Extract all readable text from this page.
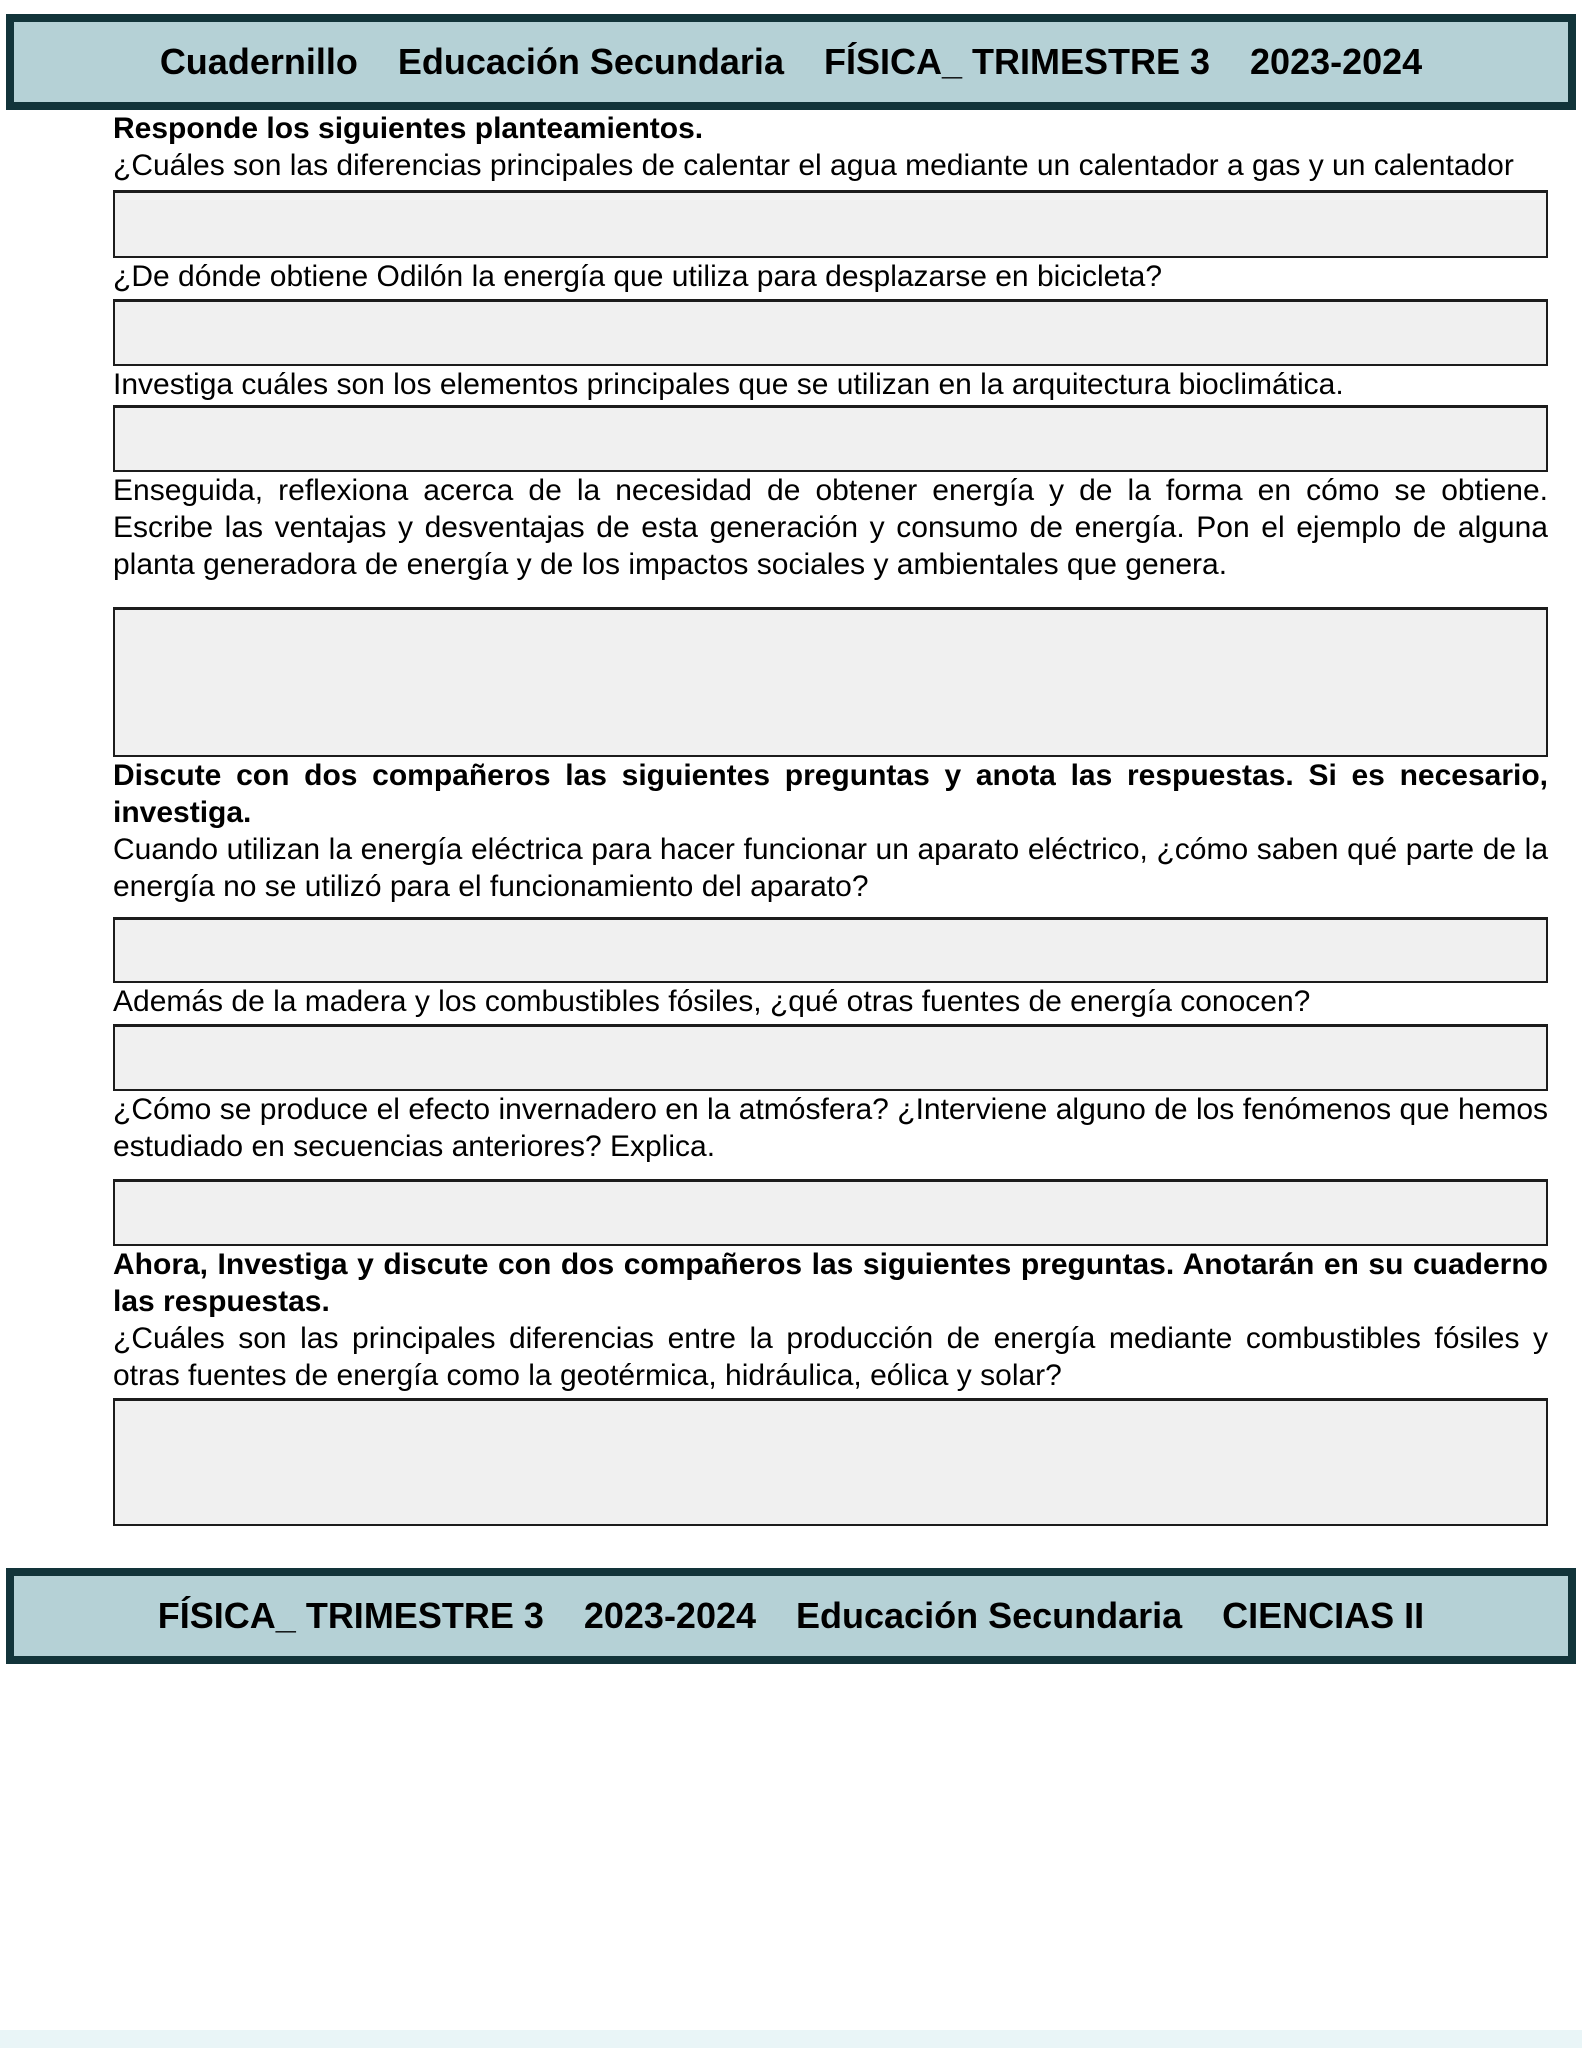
Cuadernillo    Educación Secundaria    FÍSICA_ TRIMESTRE 3    2023-2024

Responde los siguientes planteamientos.

¿Cuáles son las diferencias principales de calentar el agua mediante un calentador a gas y un calentador

¿De dónde obtiene Odilón la energía que utiliza para desplazarse en bicicleta?

Investiga cuáles son los elementos principales que se utilizan en la arquitectura bioclimática.

Enseguida, reflexiona acerca de la necesidad de obtener energía y de la forma en cómo se obtiene. Escribe las ventajas y desventajas de esta generación y consumo de energía. Pon el ejemplo de alguna planta generadora de energía y de los impactos sociales y ambientales que genera.

Discute con dos compañeros las siguientes preguntas y anota las respuestas. Si es necesario, investiga.

Cuando utilizan la energía eléctrica para hacer funcionar un aparato eléctrico, ¿cómo saben qué parte de la energía no se utilizó para el funcionamiento del aparato?

Además de la madera y los combustibles fósiles, ¿qué otras fuentes de energía conocen?

¿Cómo se produce el efecto invernadero en la atmósfera? ¿Interviene alguno de los fenómenos que hemos estudiado en secuencias anteriores? Explica.

Ahora, Investiga y discute con dos compañeros las siguientes preguntas. Anotarán en su cuaderno las respuestas.

¿Cuáles son las principales diferencias entre la producción de energía mediante combustibles fósiles y otras fuentes de energía como la geotérmica, hidráulica, eólica y solar?

FÍSICA_ TRIMESTRE 3    2023-2024    Educación Secundaria    CIENCIAS II
